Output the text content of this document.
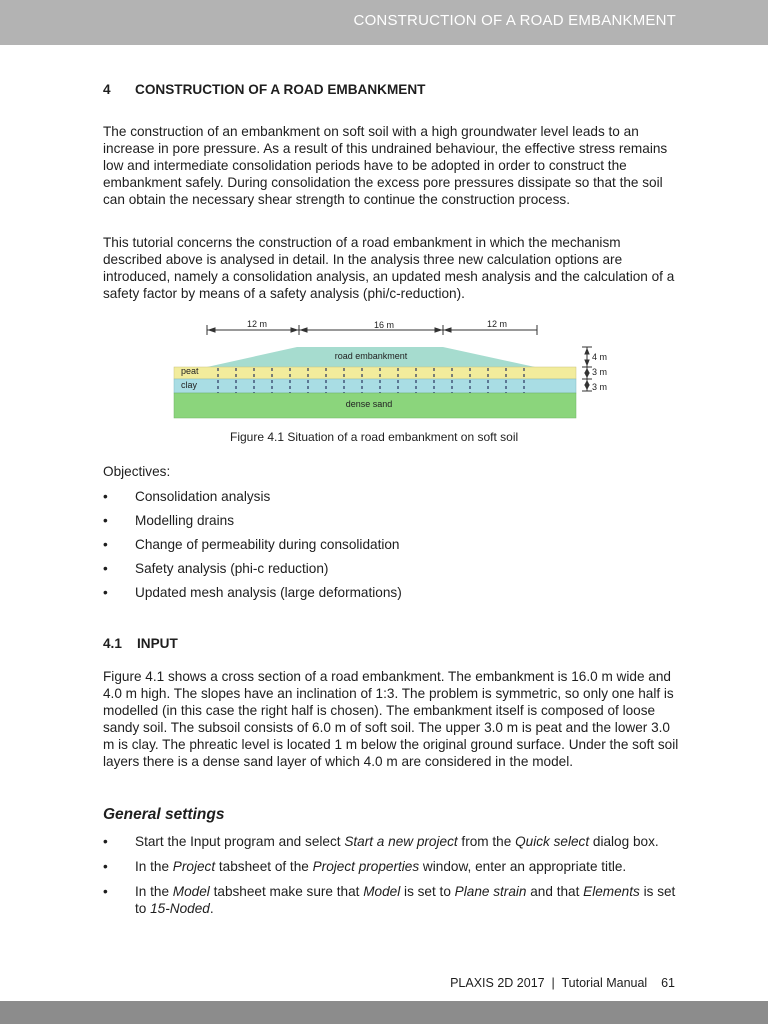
CONSTRUCTION OF A ROAD EMBANKMENT
4 CONSTRUCTION OF A ROAD EMBANKMENT

The construction of an embankment on soft soil with a high groundwater level leads to an increase in pore pressure. As a result of this undrained behaviour, the effective stress remains low and intermediate consolidation periods have to be adopted in order to construct the embankment safely. During consolidation the excess pore pressures dissipate so that the soil can obtain the necessary shear strength to continue the construction process.

This tutorial concerns the construction of a road embankment in which the mechanism described above is analysed in detail. In the analysis three new calculation options are introduced, namely a consolidation analysis, an updated mesh analysis and the calculation of a safety factor by means of a safety analysis (phi/c-reduction).

12 m	16 m	12 m
road embankment
peat
clay
dense sand
4 m
3 m
3 m
Figure 4.1 Situation of a road embankment on soft soil
Objectives:
• Consolidation analysis
• Modelling drains
• Change of permeability during consolidation
• Safety analysis (phi-c reduction)
• Updated mesh analysis (large deformations)
4.1 INPUT

Figure 4.1 shows a cross section of a road embankment. The embankment is 16.0 m wide and 4.0 m high. The slopes have an inclination of 1:3. The problem is symmetric, so only one half is modelled (in this case the right half is chosen). The embankment itself is composed of loose sandy soil. The subsoil consists of 6.0 m of soft soil. The upper 3.0 m is peat and the lower 3.0 m is clay. The phreatic level is located 1 m below the original ground surface. Under the soft soil layers there is a dense sand layer of which 4.0 m are considered in the model.

General settings
• Start the Input program and select Start a new project from the Quick select dialog box.
• In the Project tabsheet of the Project properties window, enter an appropriate title.
• In the Model tabsheet make sure that Model is set to Plane strain and that Elements is set to 15-Noded.
PLAXIS 2D 2017  |  Tutorial Manual    61
